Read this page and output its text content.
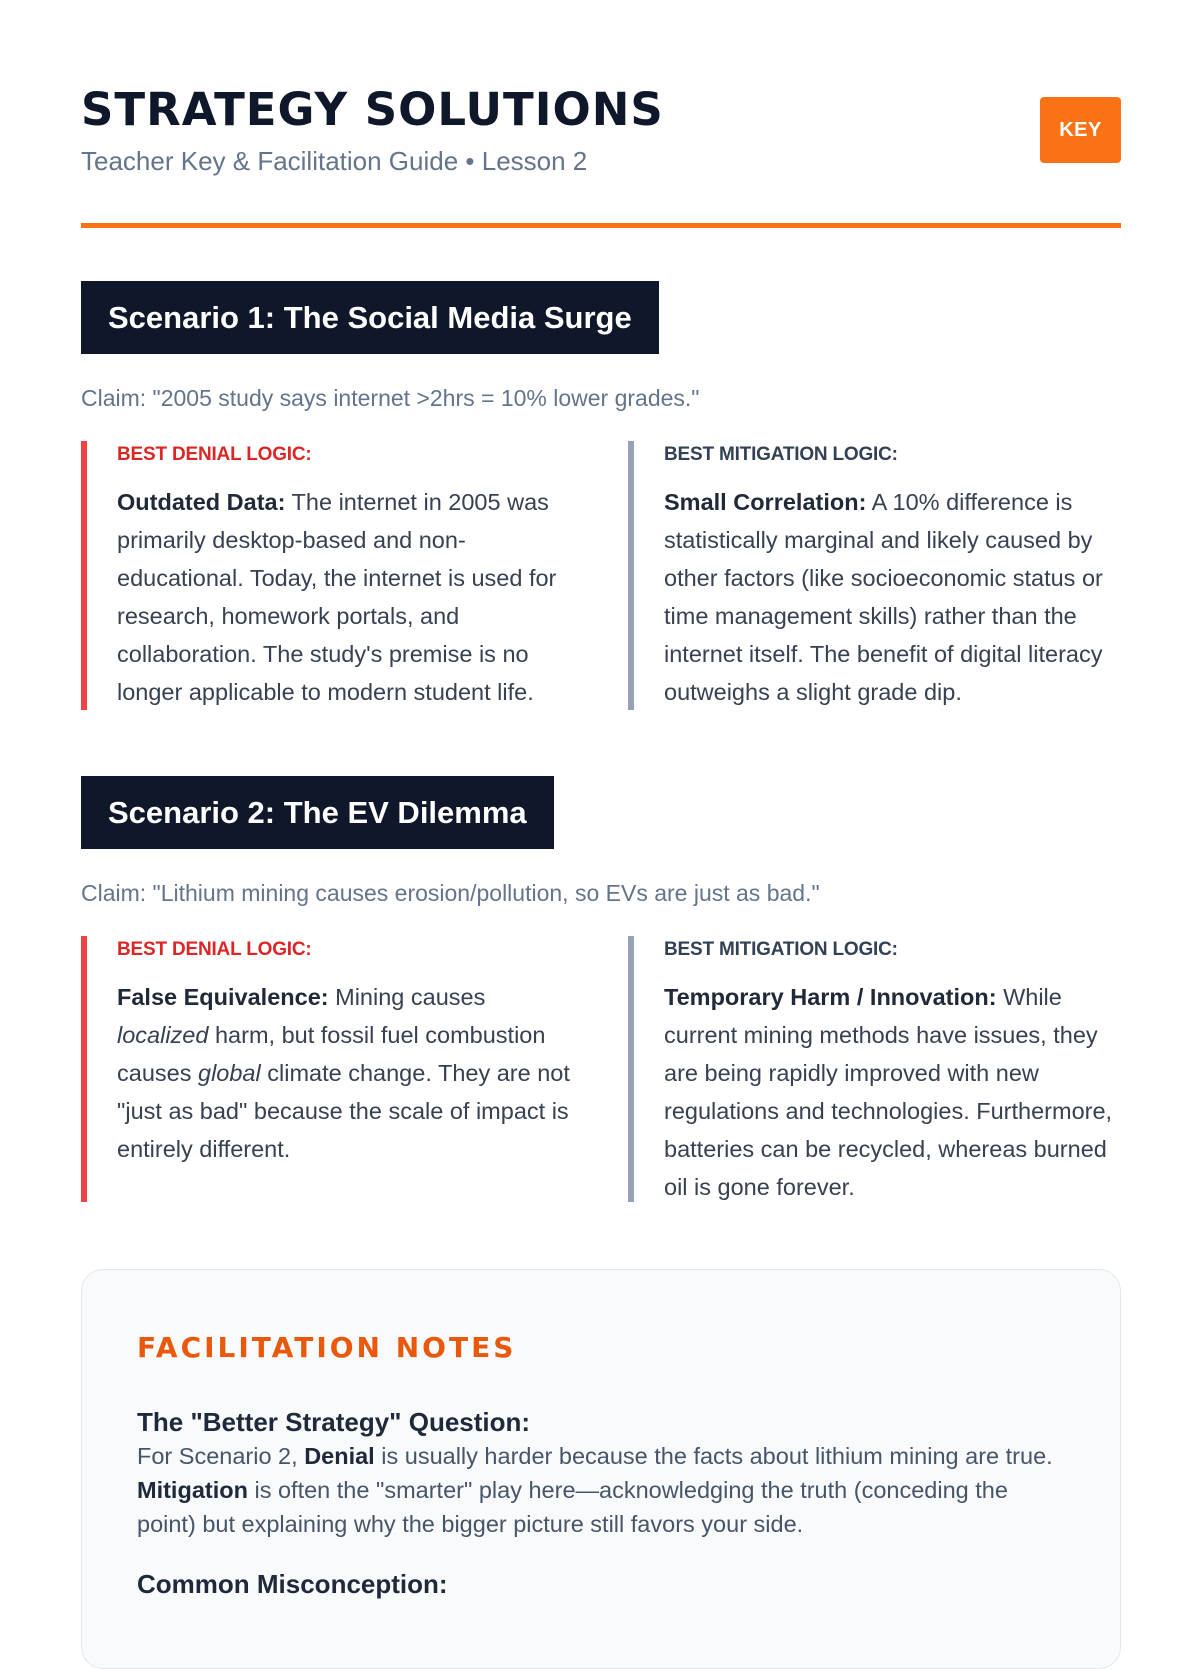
STRATEGY SOLUTIONS

Teacher Key & Facilitation Guide • Lesson 2

KEY
Scenario 1: The Social Media Surge
Claim: "2005 study says internet >2hrs = 10% lower grades."
BEST DENIAL LOGIC:

Outdated Data: The internet in 2005 was primarily desktop-based and non-educational. Today, the internet is used for research, homework portals, and collaboration. The study's premise is no longer applicable to modern student life.

BEST MITIGATION LOGIC:

Small Correlation: A 10% difference is statistically marginal and likely caused by other factors (like socioeconomic status or time management skills) rather than the internet itself. The benefit of digital literacy outweighs a slight grade dip.

Scenario 2: The EV Dilemma
Claim: "Lithium mining causes erosion/pollution, so EVs are just as bad."
BEST DENIAL LOGIC:

False Equivalence: Mining causes localized harm, but fossil fuel combustion causes global climate change. They are not "just as bad" because the scale of impact is entirely different.

BEST MITIGATION LOGIC:

Temporary Harm / Innovation: While current mining methods have issues, they are being rapidly improved with new regulations and technologies. Furthermore, batteries can be recycled, whereas burned oil is gone forever.

FACILITATION NOTES
The "Better Strategy" Question:

For Scenario 2, Denial is usually harder because the facts about lithium mining are true. Mitigation is often the "smarter" play here—acknowledging the truth (conceding the point) but explaining why the bigger picture still favors your side.

Common Misconception:
